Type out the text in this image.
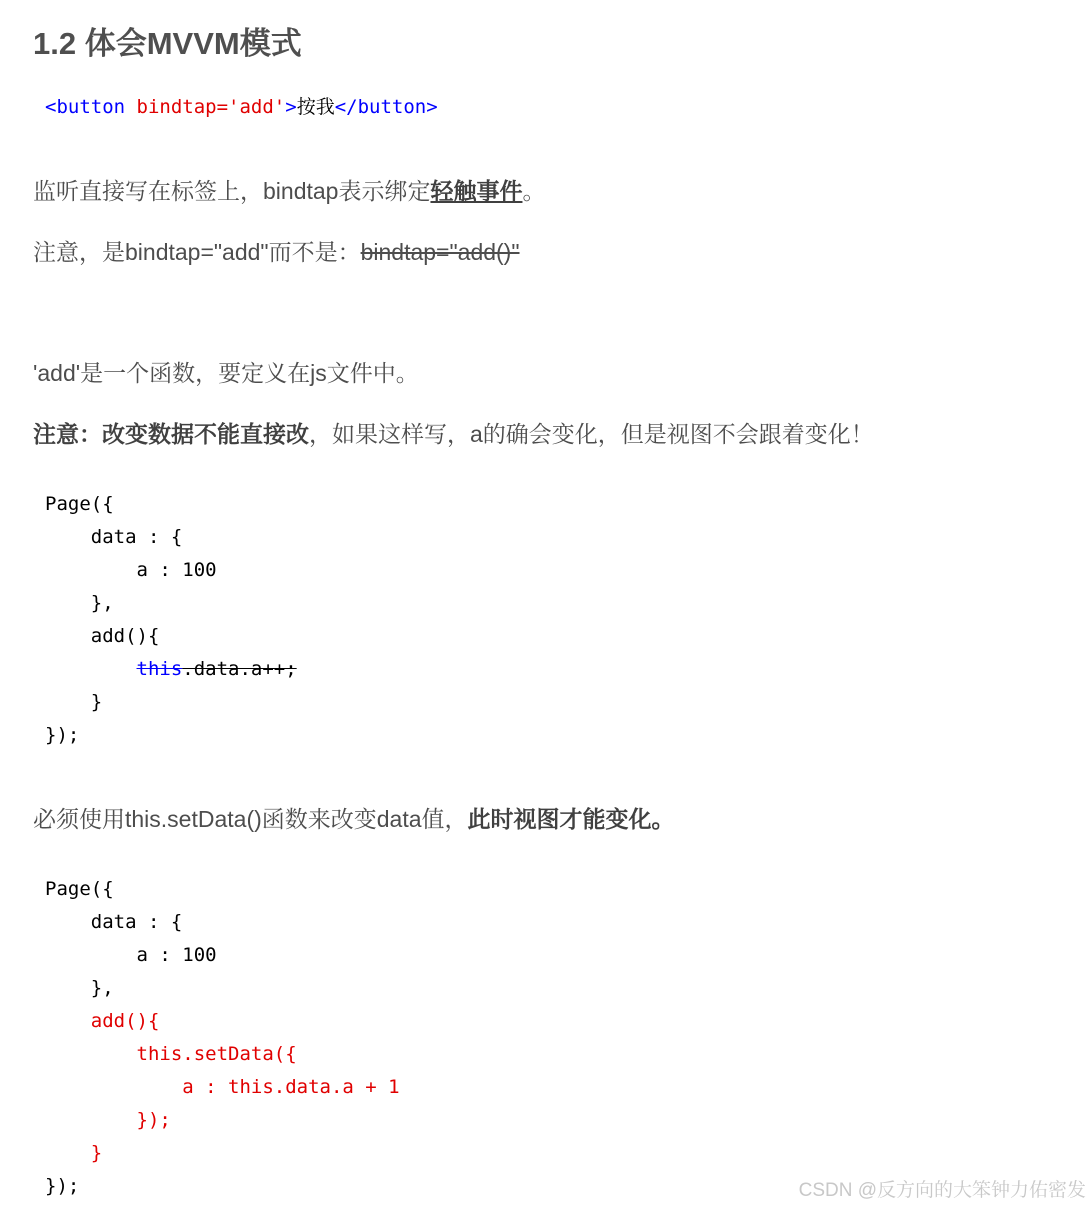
1.2 体会MVVM模式
<button bindtap='add'>按我</button>
监听直接写在标签上，bindtap表示绑定轻触事件。
注意，是bindtap="add"而不是：bindtap="add()"
'add'是一个函数，要定义在js文件中。
注意：改变数据不能直接改，如果这样写，a的确会变化，但是视图不会跟着变化！
Page({
data : {
a : 100
},
add(){
this.data.a++;
}
});
必须使用this.setData()函数来改变data值，此时视图才能变化。
Page({
data : {
a : 100
},
add(){
this.setData({
a : this.data.a + 1
});
}
});	CSDN @反方向的大笨钟力佑密发
